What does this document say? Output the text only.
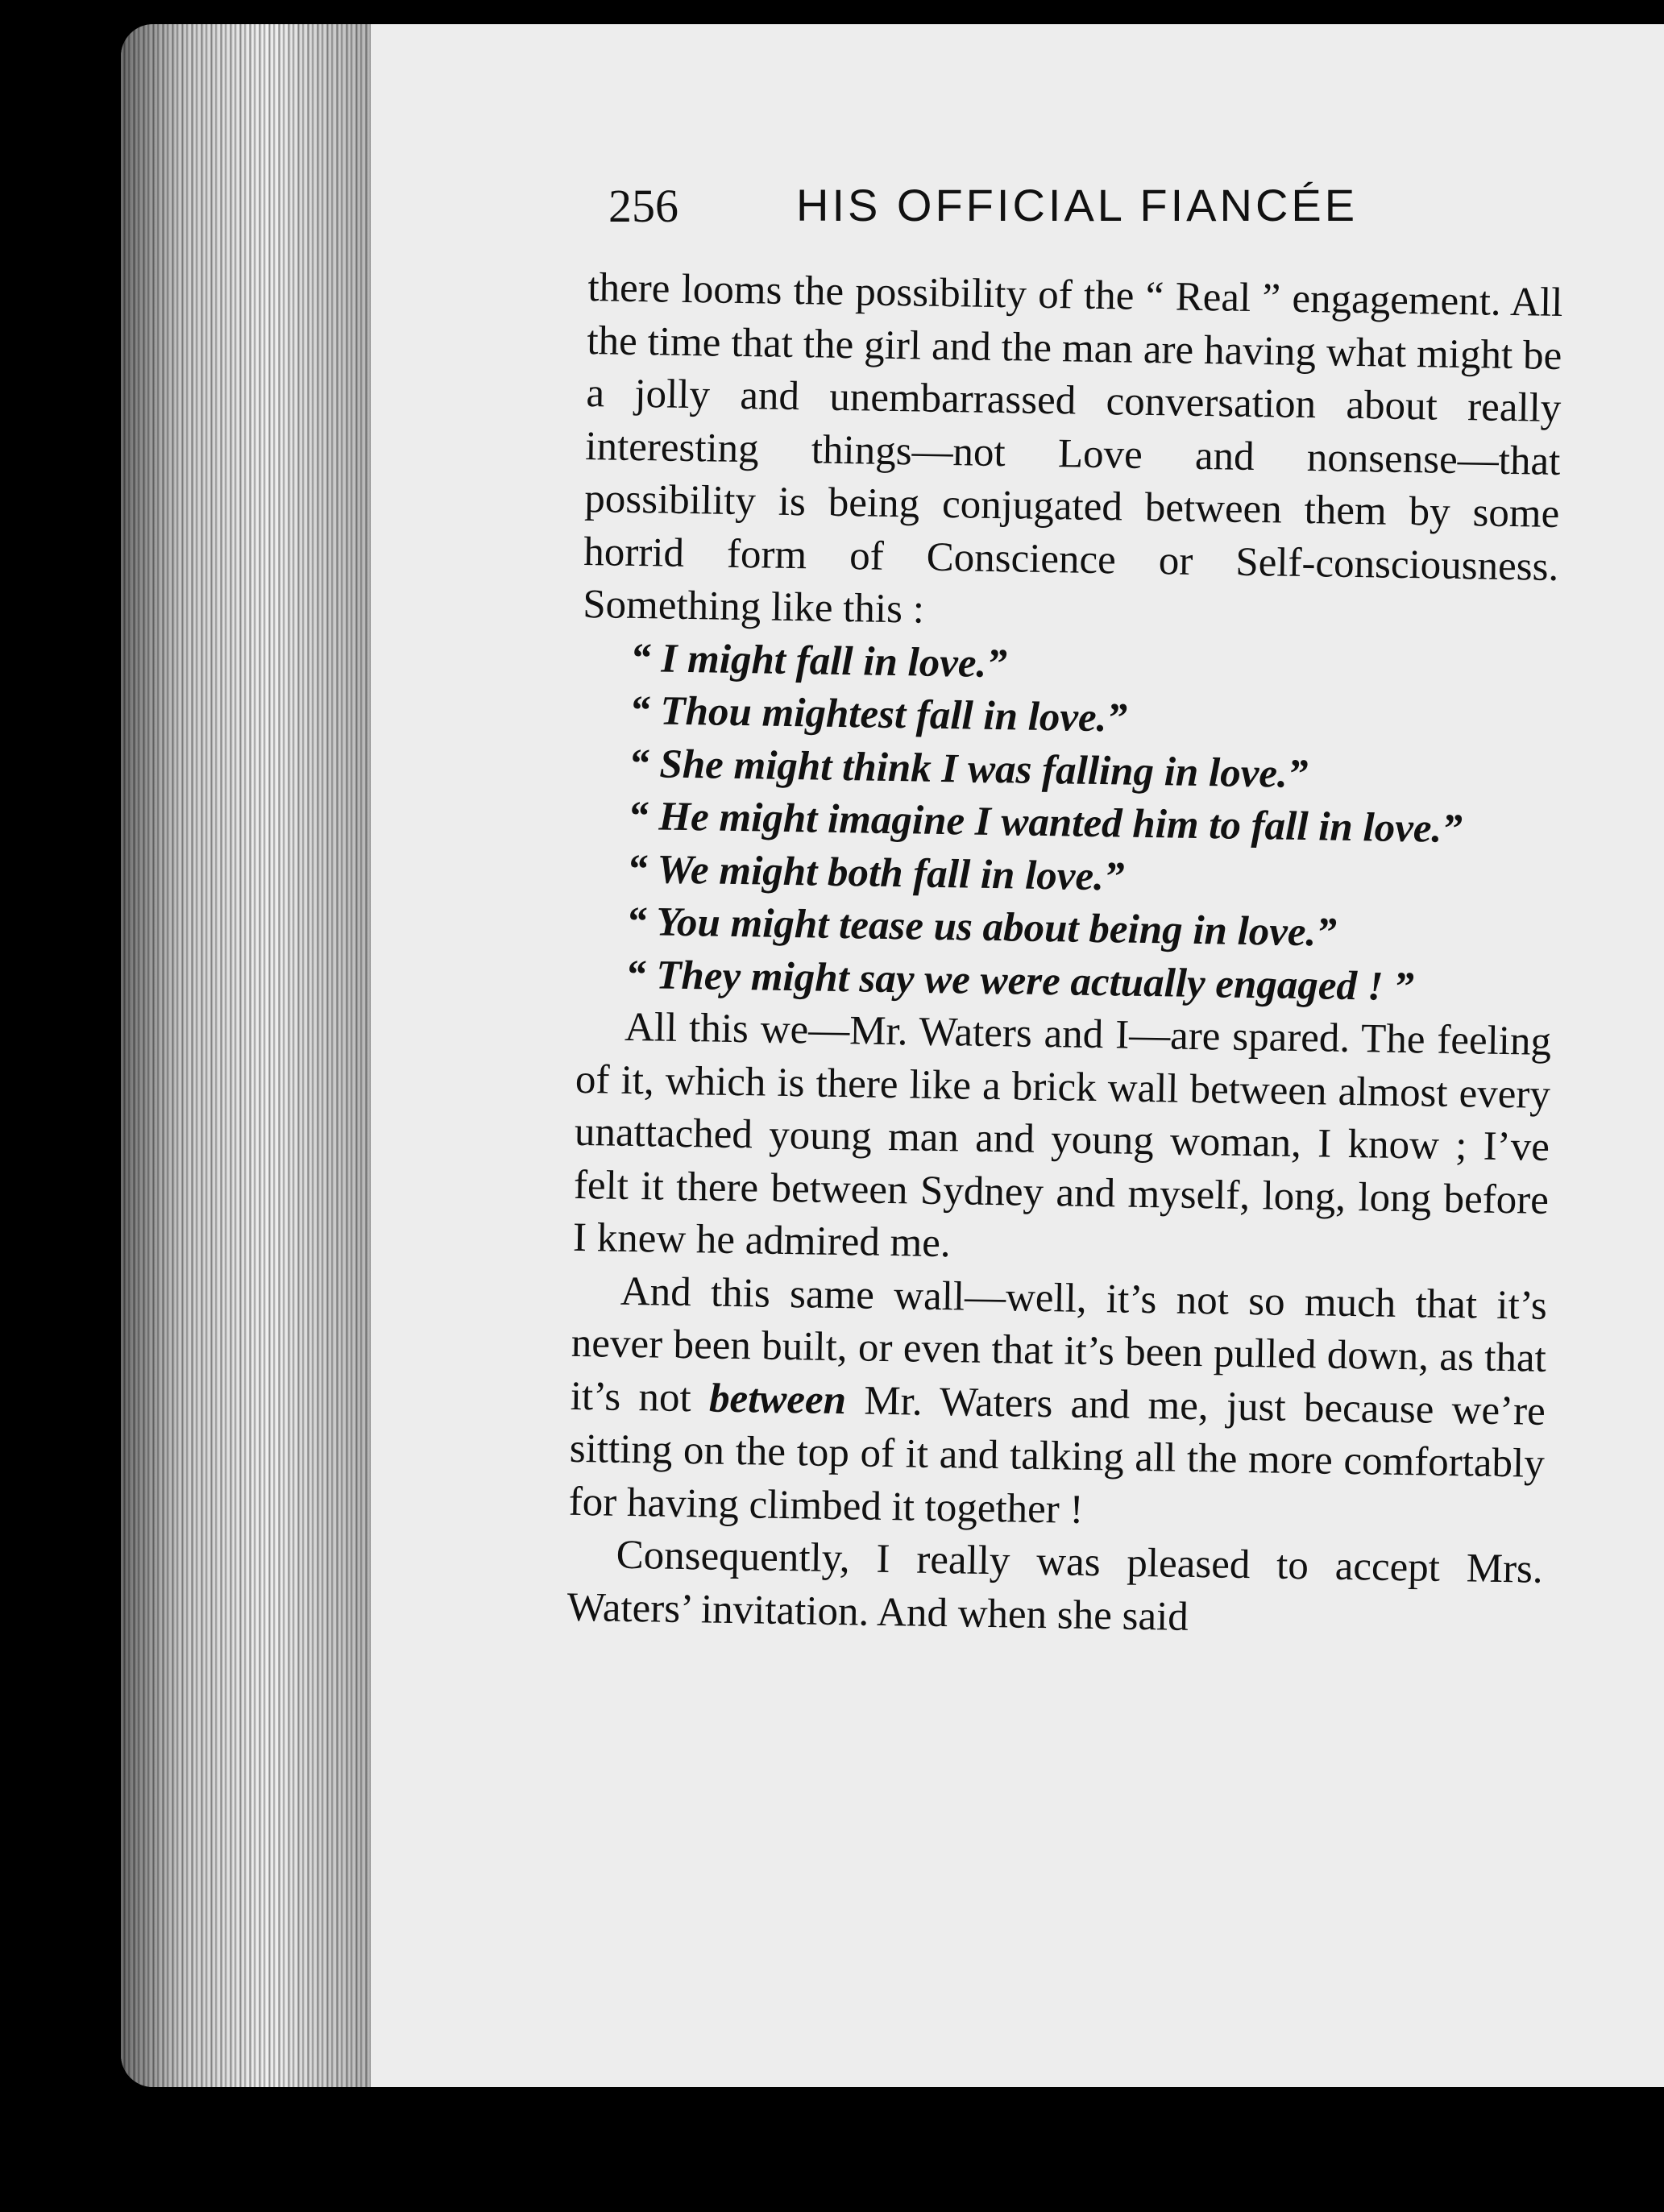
256	HIS OFFICIAL FIANCÉE

there looms the possibility of the “ Real ” engagement. All the time that the girl and the man are having what might be a jolly and unembarrassed conversation about really interesting things—not Love and nonsense—that possibility is being conjugated between them by some horrid form of Conscience or Self-consciousness. Something like this :

“ I might fall in love.”

“ Thou mightest fall in love.”

“ She might think I was falling in love.”

“ He might imagine I wanted him to fall in love.”

“ We might both fall in love.”

“ You might tease us about being in love.”

“ They might say we were actually engaged ! ”

All this we—Mr. Waters and I—are spared. The feeling of it, which is there like a brick wall between almost every unattached young man and young woman, I know ; I’ve felt it there between Sydney and myself, long, long before I knew he admired me.

And this same wall—well, it’s not so much that it’s never been built, or even that it’s been pulled down, as that it’s not between Mr. Waters and me, just because we’re sitting on the top of it and talking all the more comfortably for having climbed it together !

Consequently, I really was pleased to accept Mrs. Waters’ invitation. And when she said
